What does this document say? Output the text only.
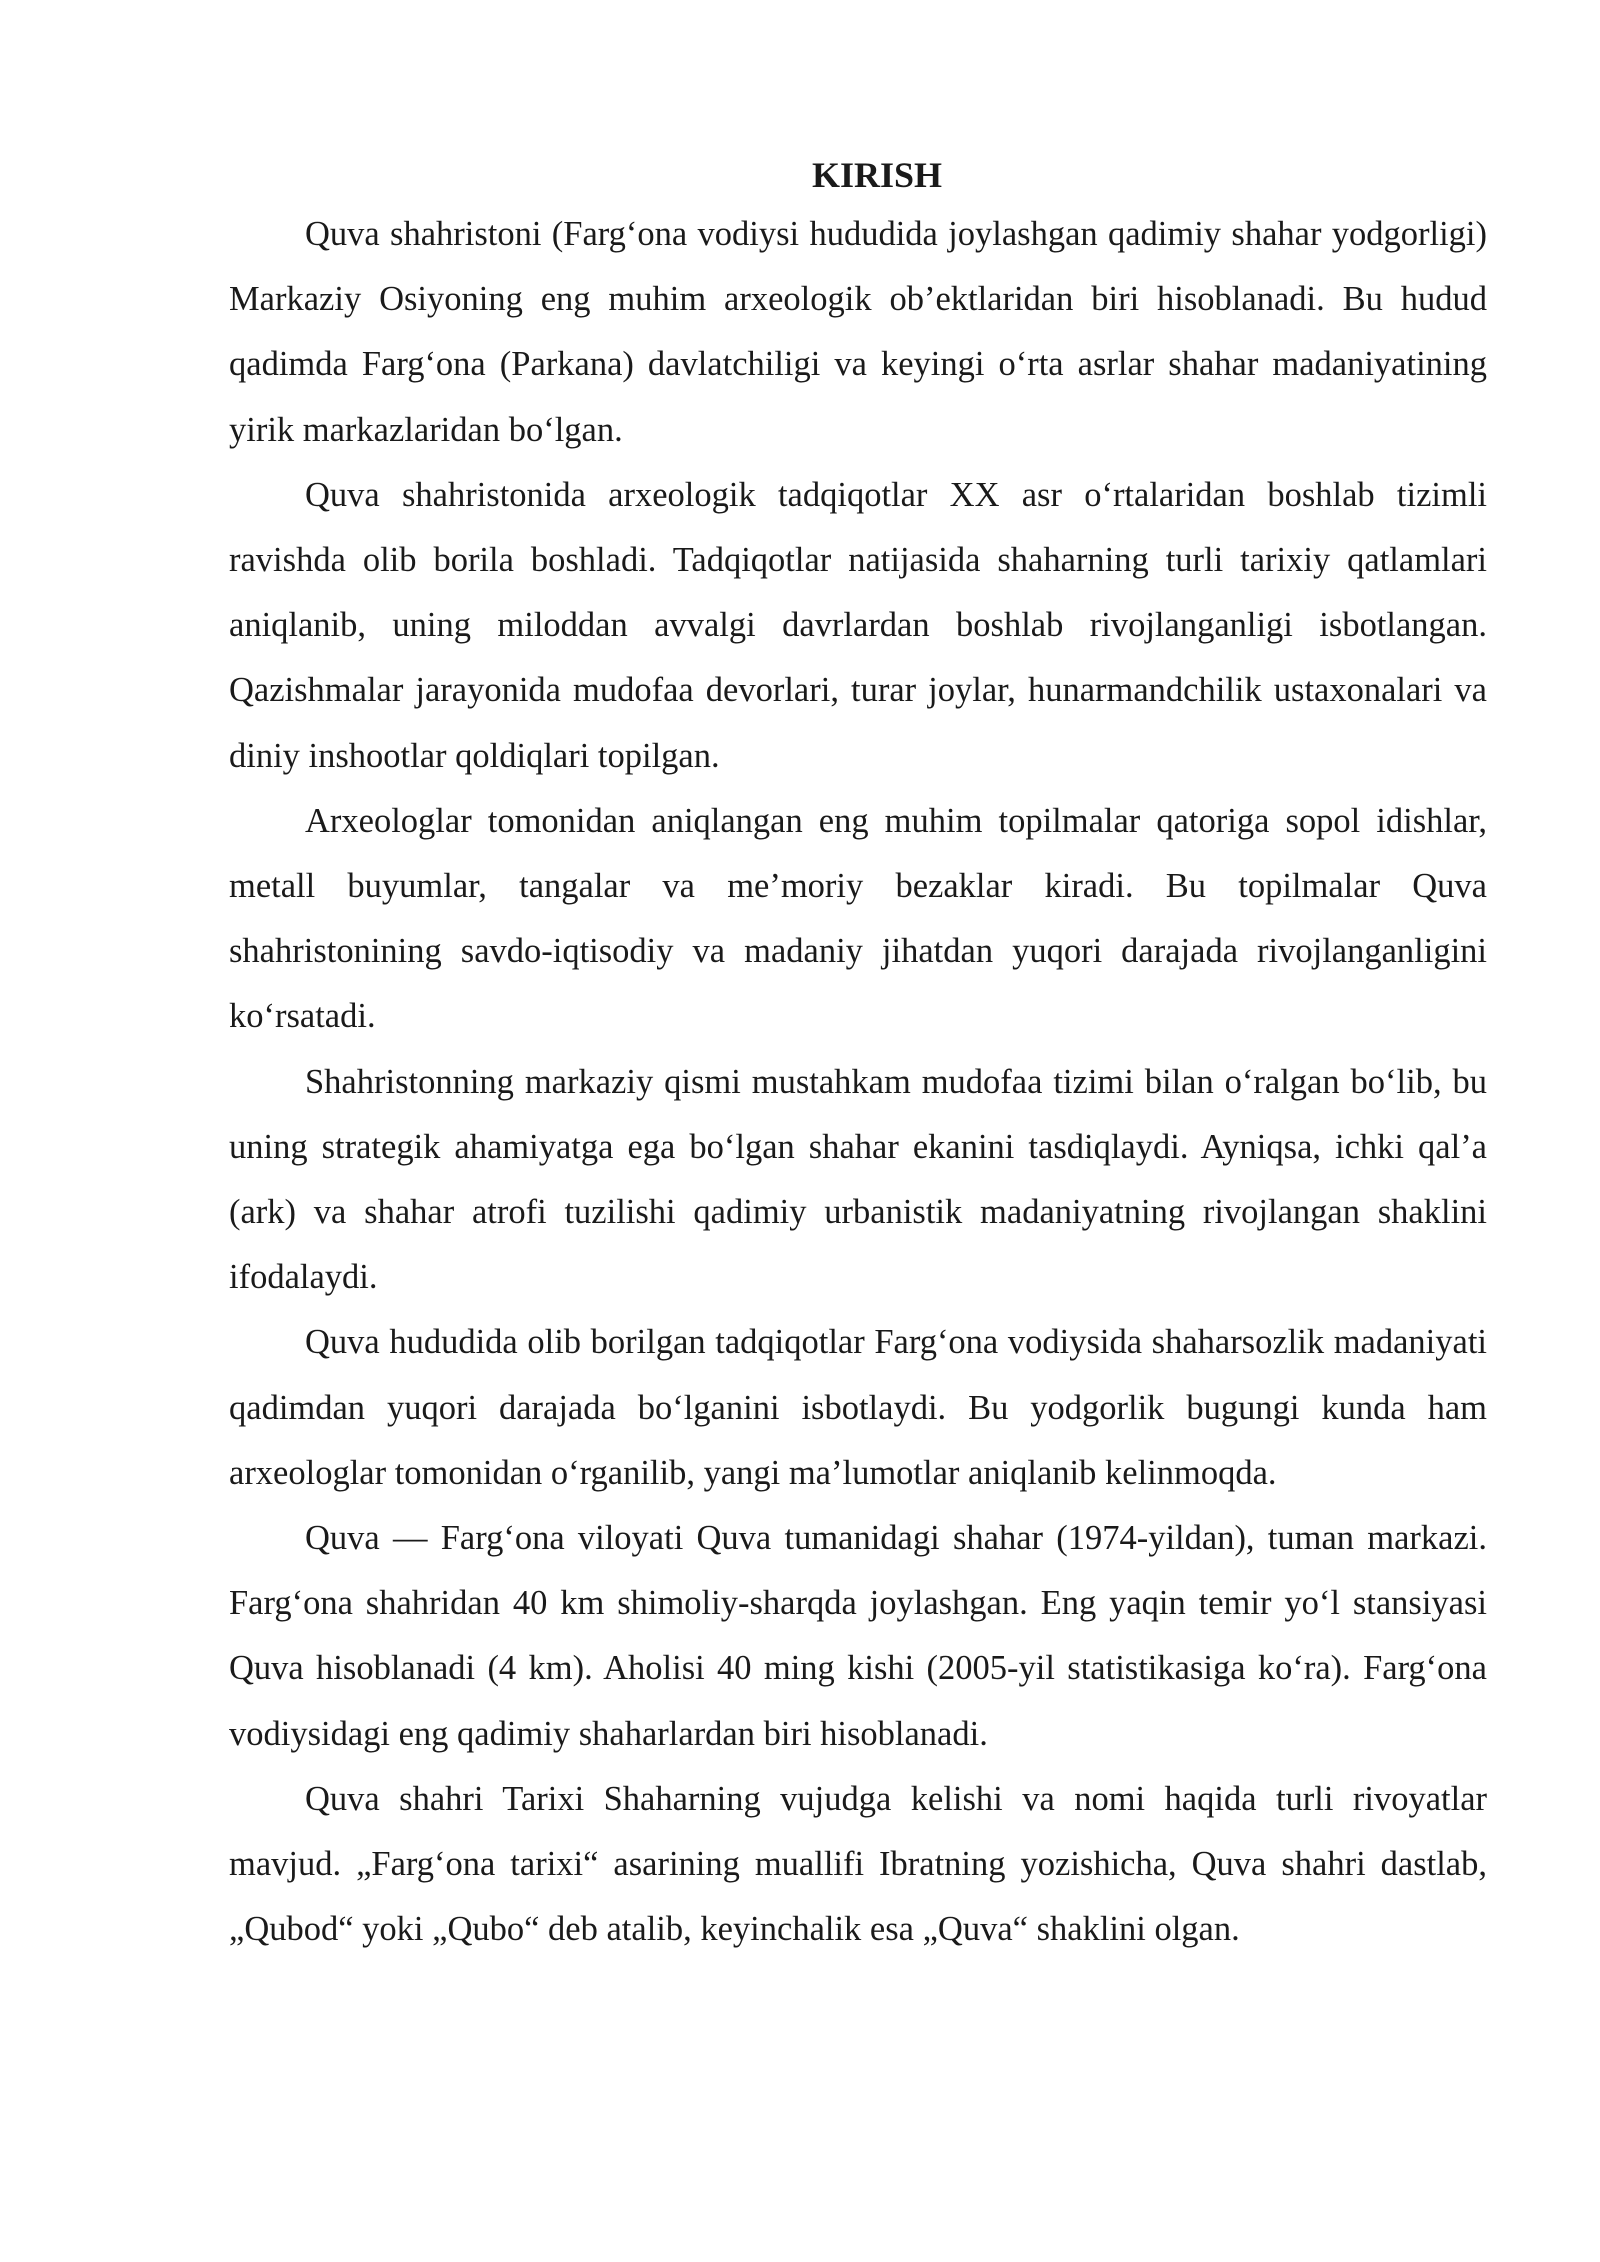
KIRISH

Quva shahristoni (Farg‘ona vodiysi hududida joylashgan qadimiy shahar yodgorligi) Markaziy Osiyoning eng muhim arxeologik ob’ektlaridan biri hisoblanadi. Bu hudud qadimda Farg‘ona (Parkana) davlatchiligi va keyingi o‘rta asrlar shahar madaniyatining yirik markazlaridan bo‘lgan.

Quva shahristonida arxeologik tadqiqotlar XX asr o‘rtalaridan boshlab tizimli ravishda olib borila boshladi. Tadqiqotlar natijasida shaharning turli tarixiy qatlamlari aniqlanib, uning miloddan avvalgi davrlardan boshlab rivojlanganligi isbotlangan. Qazishmalar jarayonida mudofaa devorlari, turar joylar, hunarmandchilik ustaxonalari va diniy inshootlar qoldiqlari topilgan.

Arxeologlar tomonidan aniqlangan eng muhim topilmalar qatoriga sopol idishlar, metall buyumlar, tangalar va me’moriy bezaklar kiradi. Bu topilmalar Quva shahristonining savdo-iqtisodiy va madaniy jihatdan yuqori darajada rivojlanganligini ko‘rsatadi.

Shahristonning markaziy qismi mustahkam mudofaa tizimi bilan o‘ralgan bo‘lib, bu uning strategik ahamiyatga ega bo‘lgan shahar ekanini tasdiqlaydi. Ayniqsa, ichki qal’a (ark) va shahar atrofi tuzilishi qadimiy urbanistik madaniyatning rivojlangan shaklini ifodalaydi.

Quva hududida olib borilgan tadqiqotlar Farg‘ona vodiysida shaharsozlik madaniyati qadimdan yuqori darajada bo‘lganini isbotlaydi. Bu yodgorlik bugungi kunda ham arxeologlar tomonidan o‘rganilib, yangi ma’lumotlar aniqlanib kelinmoqda.

Quva — Farg‘ona viloyati Quva tumanidagi shahar (1974-yildan), tuman markazi. Farg‘ona shahridan 40 km shimoliy-sharqda joylashgan. Eng yaqin temir yo‘l stansiyasi Quva hisoblanadi (4 km). Aholisi 40 ming kishi (2005-yil statistikasiga ko‘ra). Farg‘ona vodiysidagi eng qadimiy shaharlardan biri hisoblanadi.

Quva shahri Tarixi Shaharning vujudga kelishi va nomi haqida turli rivoyatlar mavjud. „Farg‘ona tarixi“ asarining muallifi Ibratning yozishicha, Quva shahri dastlab, „Qubod“ yoki „Qubo“ deb atalib, keyinchalik esa „Quva“ shaklini olgan.
